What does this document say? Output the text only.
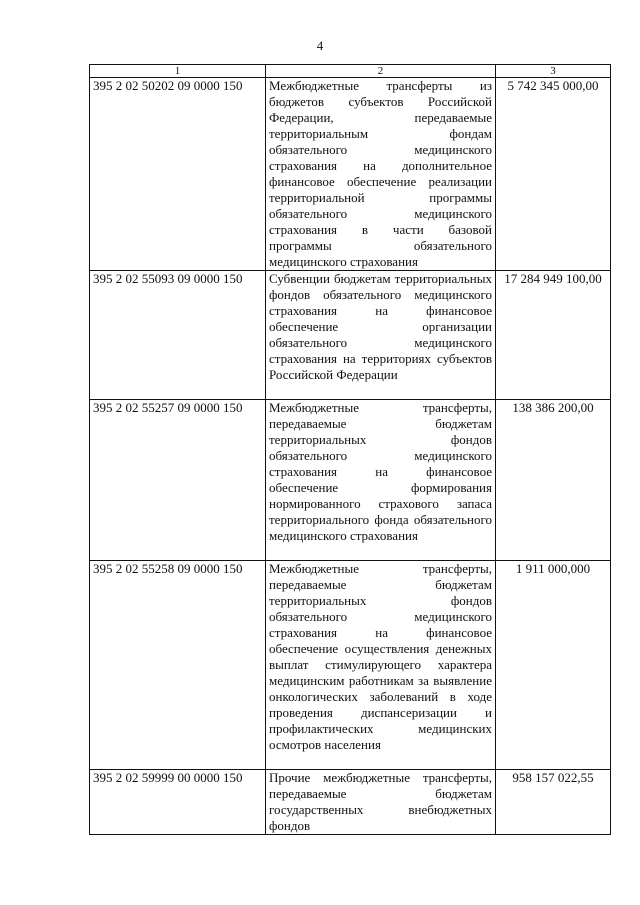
4
1	2	3
395 2 02 50202 09 0000 150	Межбюджетные трансферты из бюджетов субъектов Российской Федерации, передаваемые территориальным фондам обязательного медицинского страхования на дополнительное финансовое обеспечение реализации территориальной программы обязательного медицинского страхования в части базовой программы обязательного медицинского страхования	5 742 345 000,00
395 2 02 55093 09 0000 150	Субвенции бюджетам территориальных фондов обязательного медицинского страхования на финансовое обеспечение организации обязательного медицинского страхования на территориях субъектов Российской Федерации	17 284 949 100,00
395 2 02 55257 09 0000 150	Межбюджетные трансферты, передаваемые бюджетам территориальных фондов обязательного медицинского страхования на финансовое обеспечение формирования нормированного страхового запаса территориального фонда обязательного медицинского страхования	138 386 200,00
395 2 02 55258 09 0000 150	Межбюджетные трансферты, передаваемые бюджетам территориальных фондов обязательного медицинского страхования на финансовое обеспечение осуществления денежных выплат стимулирующего характера медицинским работникам за выявление онкологических заболеваний в ходе проведения диспансеризации и профилактических медицинских осмотров населения	1 911 000,000
395 2 02 59999 00 0000 150	Прочие межбюджетные трансферты, передаваемые бюджетам государственных внебюджетных фондов	958 157 022,55
